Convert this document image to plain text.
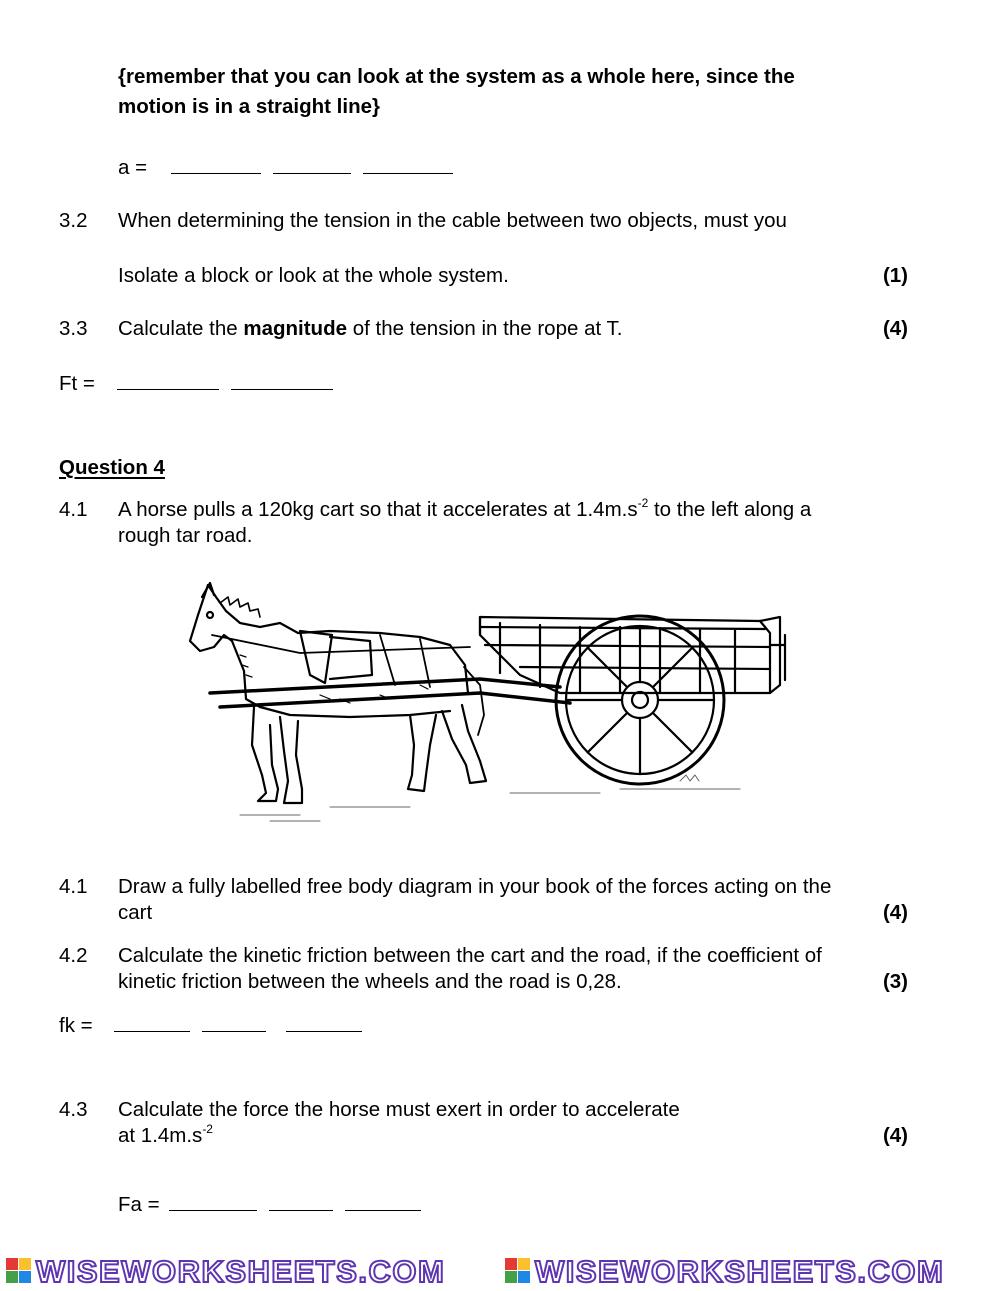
{remember that you can look at the system as a whole here, since the
motion is in a straight line}
a =
3.2 When determining the tension in the cable between two objects, must you
Isolate a block or look at the whole system.	(1)
3.3 Calculate the magnitude of the tension in the rope at T.	(4)
Ft =
Question 4
4.1 A horse pulls a 120kg cart so that it accelerates at $1.4m.s^{-2}$ to the left along a
rough tar road.
4.1 Draw a fully labelled free body diagram in your book of the forces acting on the
cart	(4)
4.2 Calculate the kinetic friction between the cart and the road, if the coefficient of
kinetic friction between the wheels and the road is 0,28.	(3)
fk =
4.3 Calculate the force the horse must exert in order to accelerate
at $1.4m.s^{-2}$	(4)
Fa =
WISEWORKSHEETS.COM	WISEWORKSHEETS.COM
